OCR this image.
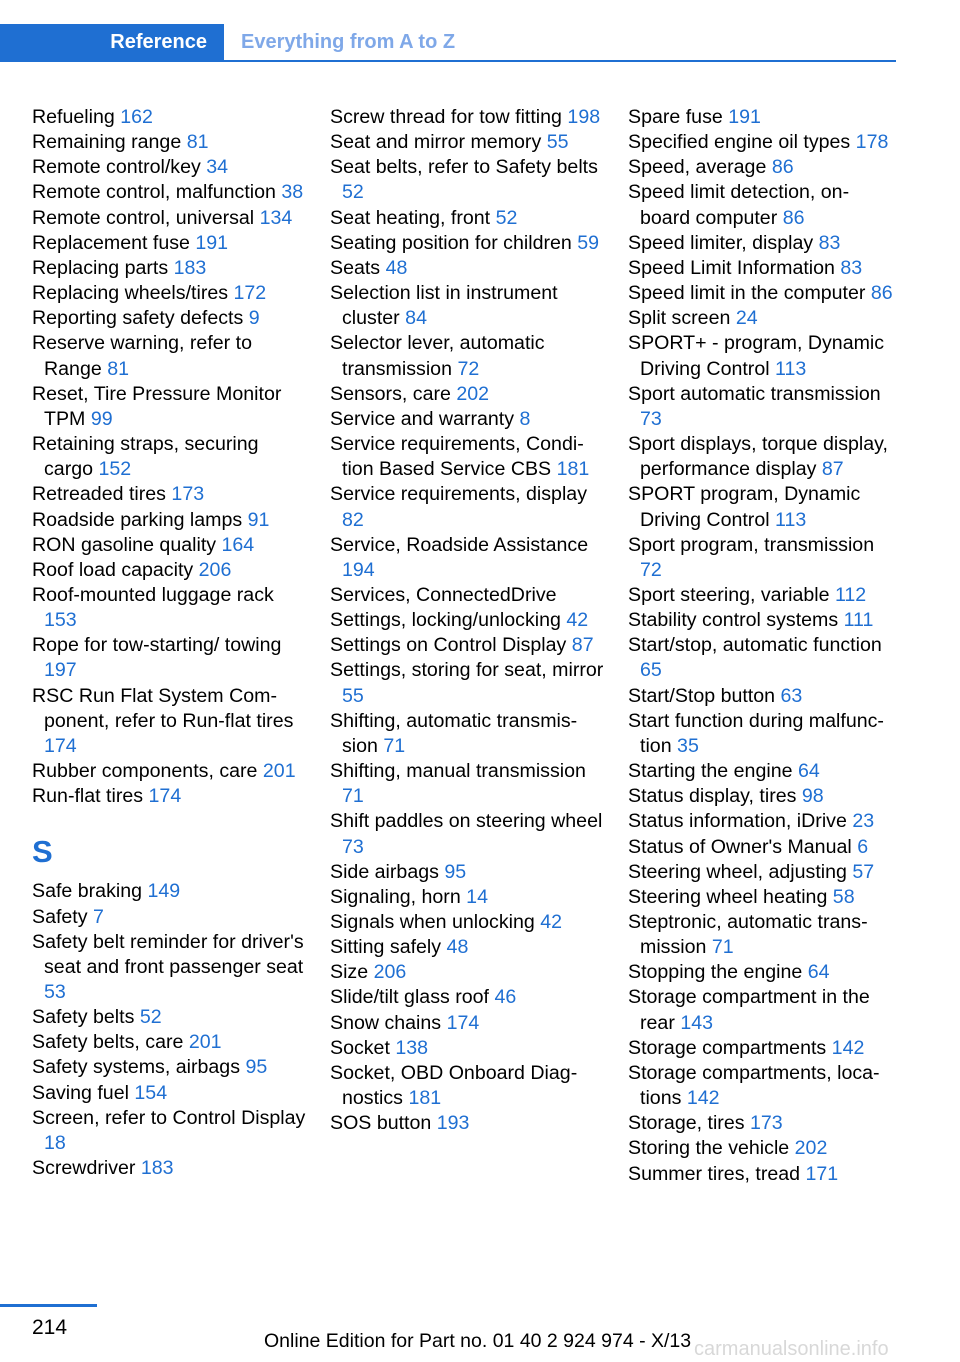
Reference	Everything from A to Z
Refueling 162
Remaining range 81
Remote control/key 34
Remote control, malfunction 38
Remote control, universal 134
Replacement fuse 191
Replacing parts 183
Replacing wheels/tires 172
Reporting safety defects 9
Reserve warning, refer to Range 81
Reset, Tire Pressure Monitor TPM 99
Retaining straps, securing cargo 152
Retreaded tires 173
Roadside parking lamps 91
RON gasoline quality 164
Roof load capacity 206
Roof-mounted luggage rack 153
Rope for tow-starting/ towing 197
RSC Run Flat System Component, refer to Run-flat tires 174
Rubber components, care 201
Run-flat tires 174
S
Safe braking 149
Safety 7
Safety belt reminder for driver's seat and front passenger seat 53
Safety belts 52
Safety belts, care 201
Safety systems, airbags 95
Saving fuel 154
Screen, refer to Control Display 18
Screwdriver 183
Screw thread for tow fitting 198
Seat and mirror memory 55
Seat belts, refer to Safety belts 52
Seat heating, front 52
Seating position for children 59
Seats 48
Selection list in instrument cluster 84
Selector lever, automatic transmission 72
Sensors, care 202
Service and warranty 8
Service requirements, Condition Based Service CBS 181
Service requirements, display 82
Service, Roadside Assistance 194
Services, ConnectedDrive
Settings, locking/unlocking 42
Settings on Control Display 87
Settings, storing for seat, mirror 55
Shifting, automatic transmission 71
Shifting, manual transmission 71
Shift paddles on steering wheel 73
Side airbags 95
Signaling, horn 14
Signals when unlocking 42
Sitting safely 48
Size 206
Slide/tilt glass roof 46
Snow chains 174
Socket 138
Socket, OBD Onboard Diagnostics 181
SOS button 193
Spare fuse 191
Specified engine oil types 178
Speed, average 86
Speed limit detection, on-board computer 86
Speed limiter, display 83
Speed Limit Information 83
Speed limit in the computer 86
Split screen 24
SPORT+ - program, Dynamic Driving Control 113
Sport automatic transmission 73
Sport displays, torque display, performance display 87
SPORT program, Dynamic Driving Control 113
Sport program, transmission 72
Sport steering, variable 112
Stability control systems 111
Start/stop, automatic function 65
Start/Stop button 63
Start function during malfunction 35
Starting the engine 64
Status display, tires 98
Status information, iDrive 23
Status of Owner's Manual 6
Steering wheel, adjusting 57
Steering wheel heating 58
Steptronic, automatic transmission 71
Stopping the engine 64
Storage compartment in the rear 143
Storage compartments 142
Storage compartments, locations 142
Storage, tires 173
Storing the vehicle 202
Summer tires, tread 171
214
Online Edition for Part no. 01 40 2 924 974 - X/13 carmanualsonline.info
